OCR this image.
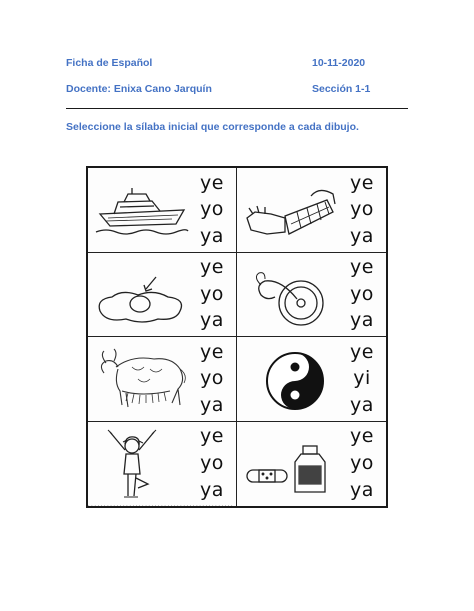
Ficha de Español	10-11-2020
Docente: Enixa Cano Jarquín	Sección 1-1
Seleccione la sílaba inicial que corresponde a cada dibujo.
ye
yo
ya
ye
yo
ya
ye
yo
ya
ye
yo
ya
ye
yo
ya
ye
yi
ya
ye
yo
ya
ye
yo
ya
· · · · · · · · · · · · · · · · · · · · · · · · · · · · · · · · · · · · · · · · · · · · · ·
